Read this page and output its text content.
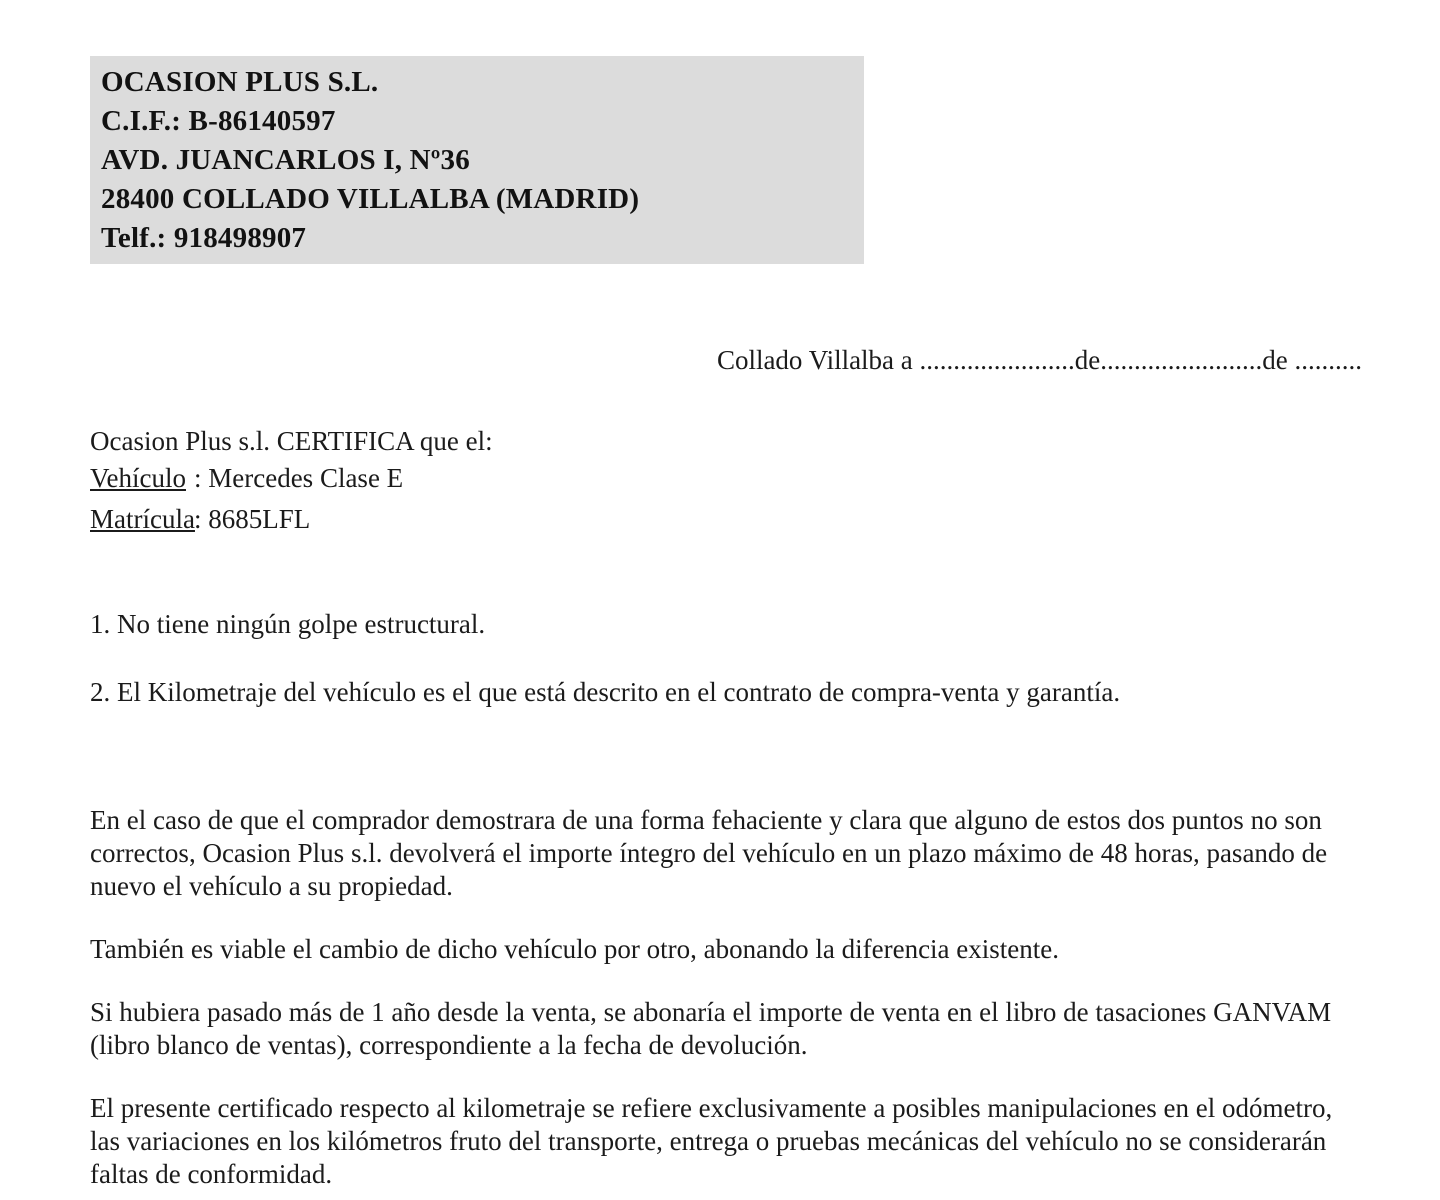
OCASION PLUS S.L.
C.I.F.: B-86140597
AVD. JUANCARLOS I, Nº36
28400 COLLADO VILLALBA (MADRID)
Telf.: 918498907
Collado Villalba a .......................de........................de ..........
Ocasion Plus s.l. CERTIFICA que el:
Vehículo : Mercedes Clase E
Matrícula: 8685LFL

1. No tiene ningún golpe estructural.

2. El Kilometraje del vehículo es el que está descrito en el contrato de compra-venta y garantía.

En el caso de que el comprador demostrara de una forma fehaciente y clara que alguno de estos dos puntos no son correctos, Ocasion Plus s.l. devolverá el importe íntegro del vehículo en un plazo máximo de 48 horas, pasando de nuevo el vehículo a su propiedad.

También es viable el cambio de dicho vehículo por otro, abonando la diferencia existente.

Si hubiera pasado más de 1 año desde la venta, se abonaría el importe de venta en el libro de tasaciones GANVAM (libro blanco de ventas), correspondiente a la fecha de devolución.

El presente certificado respecto al kilometraje se refiere exclusivamente a posibles manipulaciones en el odómetro, las variaciones en los kilómetros fruto del transporte, entrega o pruebas mecánicas del vehículo no se considerarán faltas de conformidad.
